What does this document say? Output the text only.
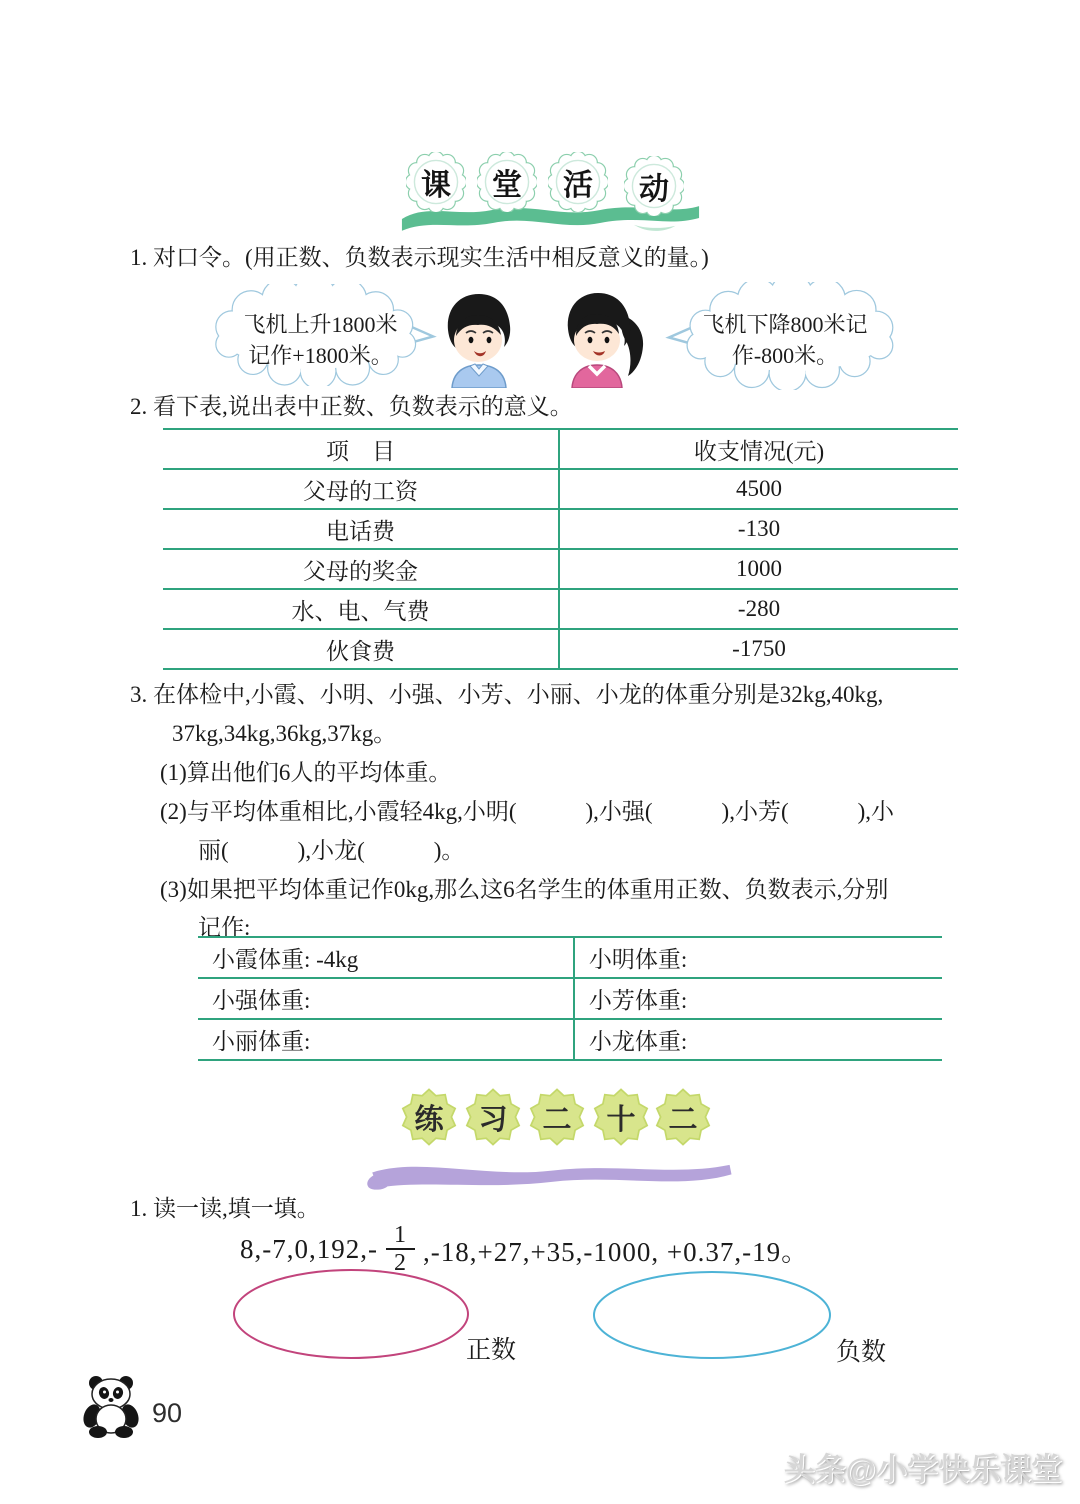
课	堂	活	动
1. 对口令。(用正数、负数表示现实生活中相反意义的量。)
飞机上升1800米
记作+1800米。
飞机下降800米记
作-800米。
2. 看下表,说出表中正数、负数表示的意义。
项　目	收支情况(元)
父母的工资	4500
电话费	-130
父母的奖金	1000
水、电、气费	-280
伙食费	-1750
3. 在体检中,小霞、小明、小强、小芳、小丽、小龙的体重分别是32kg,40kg,
37kg,34kg,36kg,37kg。
(1)算出他们6人的平均体重。
(2)与平均体重相比,小霞轻4kg,小明(　　　),小强(　　　),小芳(　　　),小
丽(　　　),小龙(　　　)。
(3)如果把平均体重记作0kg,那么这6名学生的体重用正数、负数表示,分别
记作:
小霞体重: -4kg	小明体重:
小强体重:	小芳体重:
小丽体重:	小龙体重:
练	习	二	十	二
1. 读一读,填一填。
$8,-7,0,192,- \frac{1}{2} ,-18,+27,+35,-1000$, +0.37,-19。
正数	负数
90
头条@小学快乐课堂
